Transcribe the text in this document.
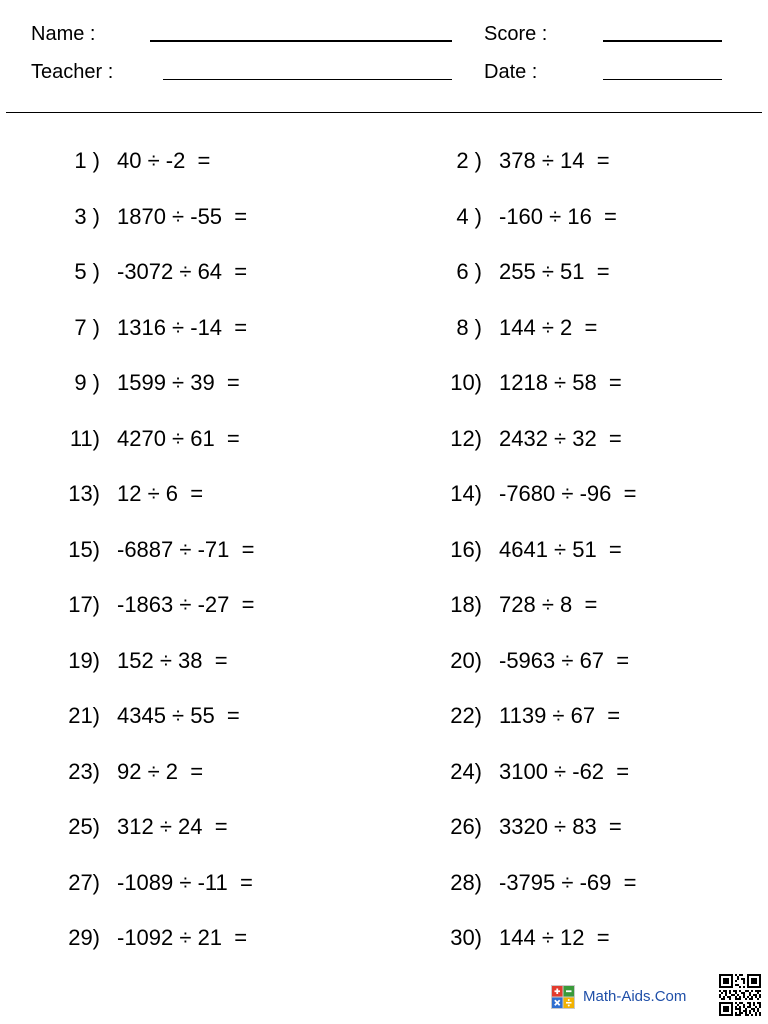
Name :
Teacher :
Score :
Date :
1 ) 40 ÷ -2  =	2 ) 378 ÷ 14  =
3 ) 1870 ÷ -55  =	4 ) -160 ÷ 16  =
5 ) -3072 ÷ 64  =	6 ) 255 ÷ 51  =
7 ) 1316 ÷ -14  =	8 ) 144 ÷ 2  =
9 ) 1599 ÷ 39  =	10) 1218 ÷ 58  =
11) 4270 ÷ 61  =	12) 2432 ÷ 32  =
13) 12 ÷ 6  =	14) -7680 ÷ -96  =
15) -6887 ÷ -71  =	16) 4641 ÷ 51  =
17) -1863 ÷ -27  =	18) 728 ÷ 8  =
19) 152 ÷ 38  =	20) -5963 ÷ 67  =
21) 4345 ÷ 55  =	22) 1139 ÷ 67  =
23) 92 ÷ 2  =	24) 3100 ÷ -62  =
25) 312 ÷ 24  =	26) 3320 ÷ 83  =
27) -1089 ÷ -11  =	28) -3795 ÷ -69  =
29) -1092 ÷ 21  =	30) 144 ÷ 12  =
Math-Aids.Com
